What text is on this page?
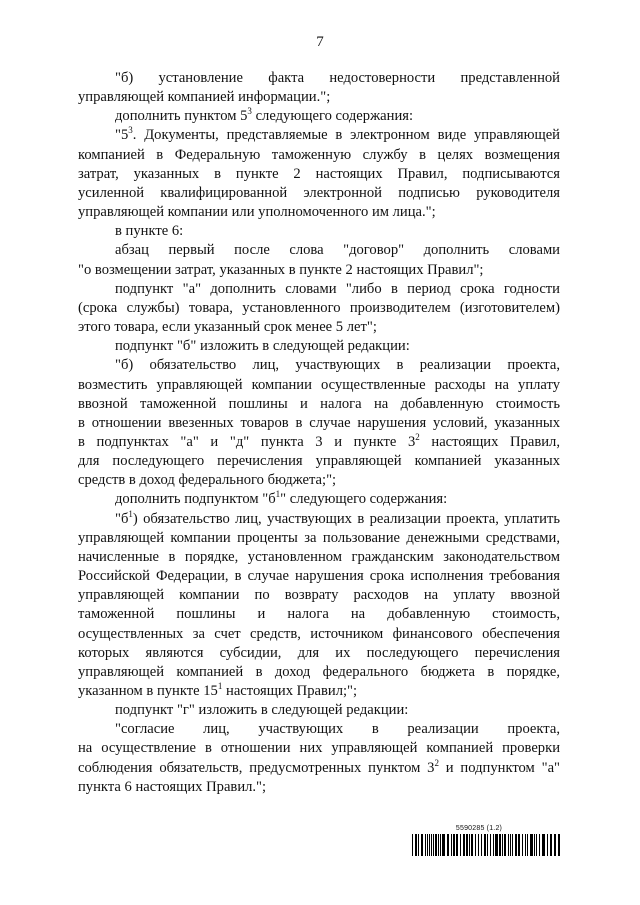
7
"б) установление факта недостоверности представленной
управляющей компанией информации.";
дополнить пунктом $5^3$ следующего содержания:
"$5^3$. Документы, представляемые в электронном виде управляющей
компанией в Федеральную таможенную службу в целях возмещения
затрат, указанных в пункте 2 настоящих Правил, подписываются
усиленной квалифицированной электронной подписью руководителя
управляющей компании или уполномоченного им лица.";
в пункте 6:
абзац первый после слова "договор" дополнить словами
"о возмещении затрат, указанных в пункте 2 настоящих Правил";
подпункт "а" дополнить словами "либо в период срока годности
(срока службы) товара, установленного производителем (изготовителем)
этого товара, если указанный срок менее 5 лет";
подпункт "б" изложить в следующей редакции:
"б) обязательство лиц, участвующих в реализации проекта,
возместить управляющей компании осуществленные расходы на уплату
ввозной таможенной пошлины и налога на добавленную стоимость
в отношении ввезенных товаров в случае нарушения условий, указанных
в подпунктах "а" и "д" пункта 3 и пункте $3^2$ настоящих Правил,
для последующего перечисления управляющей компанией указанных
средств в доход федерального бюджета;";
дополнить подпунктом "$б^1$" следующего содержания:
"$б^1$) обязательство лиц, участвующих в реализации проекта, уплатить
управляющей компании проценты за пользование денежными средствами,
начисленные в порядке, установленном гражданским законодательством
Российской Федерации, в случае нарушения срока исполнения требования
управляющей компании по возврату расходов на уплату ввозной
таможенной пошлины и налога на добавленную стоимость,
осуществленных за счет средств, источником финансового обеспечения
которых являются субсидии, для их последующего перечисления
управляющей компанией в доход федерального бюджета в порядке,
указанном в пункте $15^1$ настоящих Правил;";
подпункт "г" изложить в следующей редакции:
"согласие лиц, участвующих в реализации проекта,
на осуществление в отношении них управляющей компанией проверки
соблюдения обязательств, предусмотренных пунктом $3^2$ и подпунктом "а"
пункта 6 настоящих Правил.";
5590285 (1.2)
